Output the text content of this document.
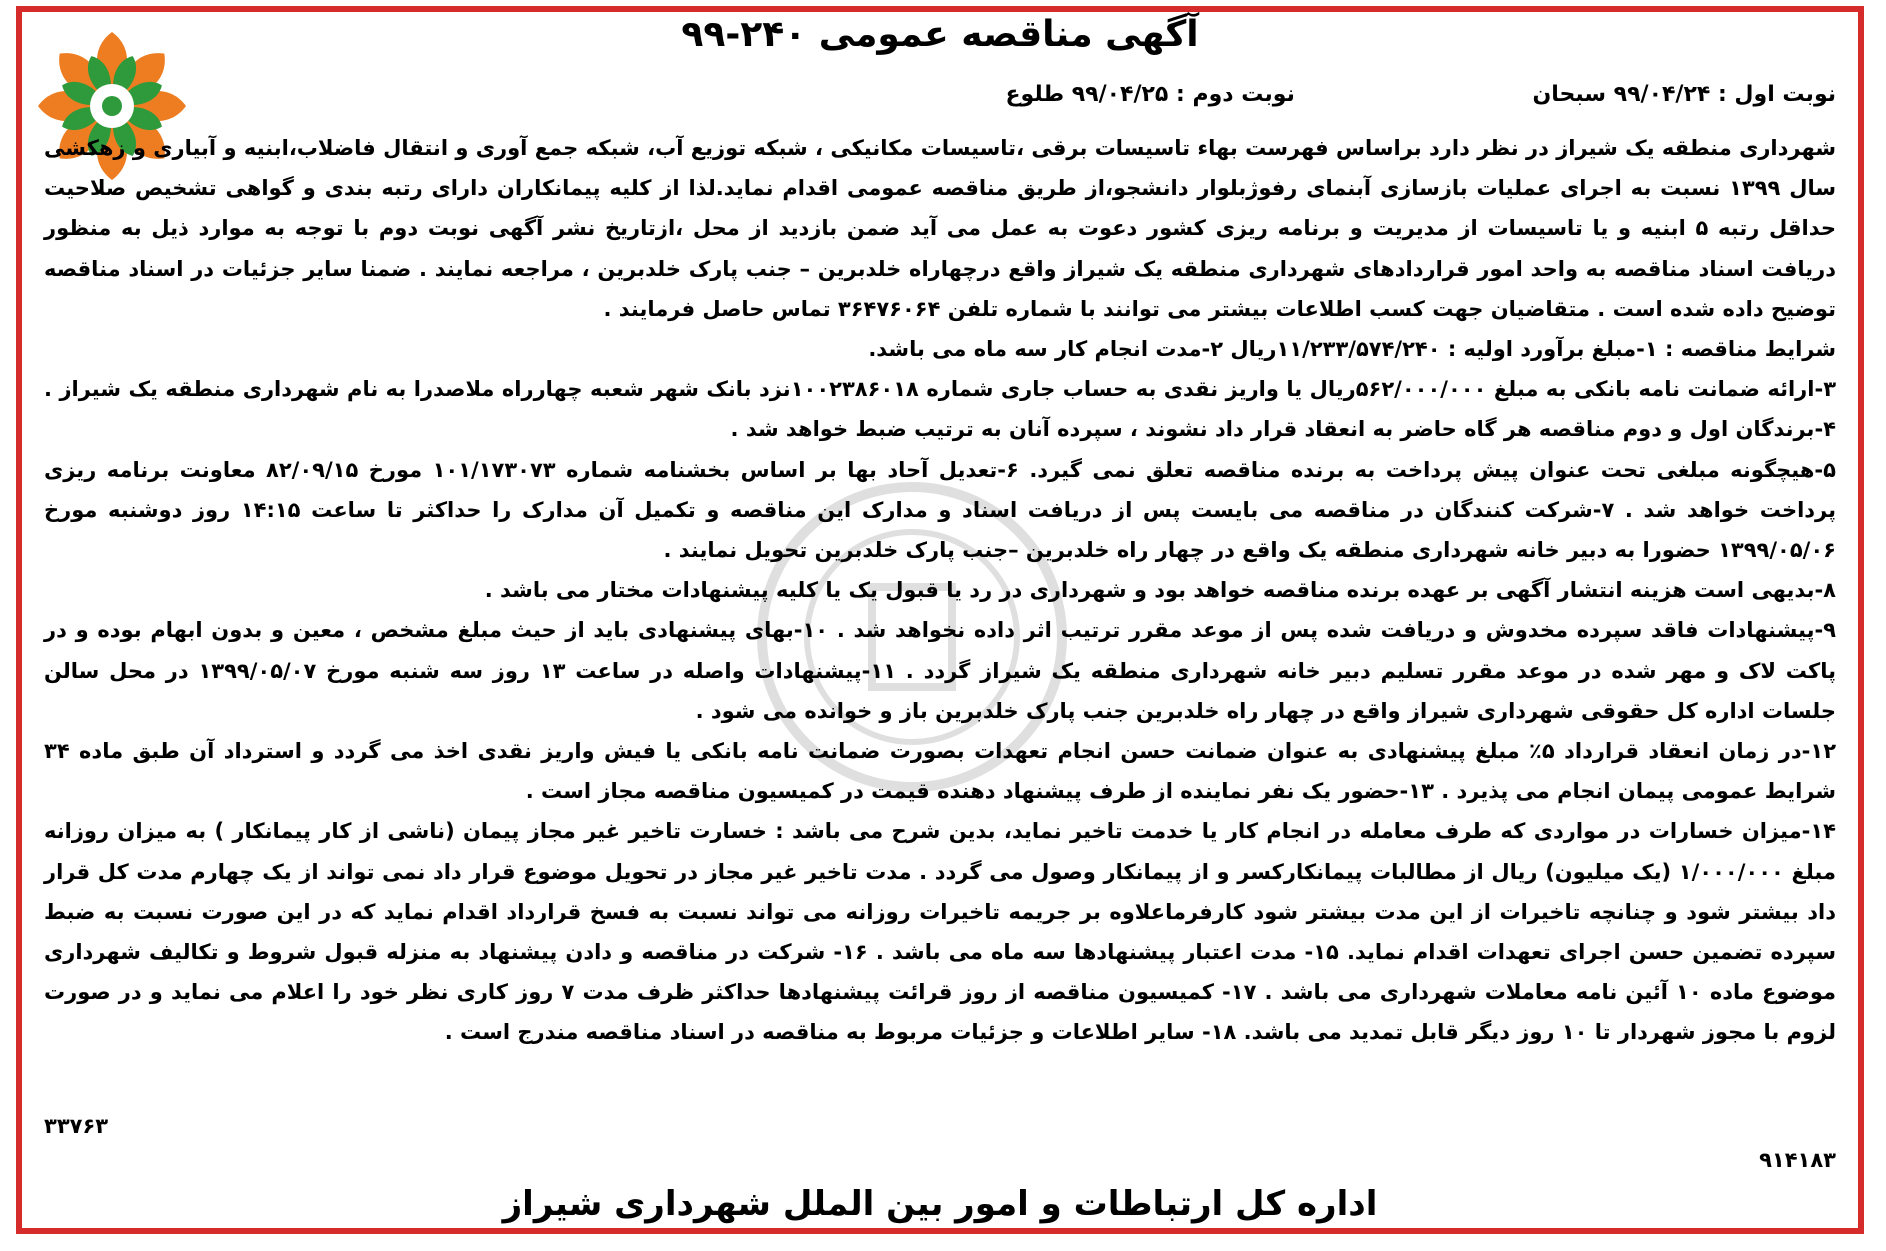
آگهی مناقصه عمومی ۲۴۰-۹۹
نوبت اول : ۹۹/۰۴/۲۴ سبحان نوبت دوم : ۹۹/۰۴/۲۵ طلوع

شهرداری منطقه یک شیراز در نظر دارد براساس فهرست بهاء تاسیسات برقی ،تاسیسات مکانیکی ، شبکه توزیع آب، شبکه جمع آوری و انتقال فاضلاب،ابنیه و آبیاری و زهکشی سال ۱۳۹۹ نسبت به اجرای عملیات بازسازی آبنمای رفوژبلوار دانشجو،از طریق مناقصه عمومی اقدام نماید.لذا از کلیه پیمانکاران دارای رتبه بندی و گواهی تشخیص صلاحیت حداقل رتبه ۵ ابنیه و یا تاسیسات از مدیریت و برنامه ریزی کشور دعوت به عمل می آید ضمن بازدید از محل ،ازتاریخ نشر آگهی نوبت دوم با توجه به موارد ذیل به منظور دریافت اسناد مناقصه به واحد امور قراردادهای شهرداری منطقه یک شیراز واقع درچهاراه خلدبرین – جنب پارک خلدبرین ، مراجعه نمایند . ضمنا سایر جزئیات در اسناد مناقصه توضیح داده شده است . متقاضیان جهت کسب اطلاعات بیشتر می توانند با شماره تلفن ۳۶۴۷۶۰۶۴ تماس حاصل فرمایند .

شرایط مناقصه : ۱-مبلغ برآورد اولیه : ۱۱/۲۳۳/۵۷۴/۲۴۰ریال ۲-مدت انجام کار سه ماه می باشد.

۳-ارائه ضمانت نامه بانکی به مبلغ ۵۶۲/۰۰۰/۰۰۰ریال یا واریز نقدی به حساب جاری شماره ۱۰۰۲۳۸۶۰۱۸نزد بانک شهر شعبه چهارراه ملاصدرا به نام شهرداری منطقه یک شیراز . ۴-برندگان اول و دوم مناقصه هر گاه حاضر به انعقاد قرار داد نشوند ، سپرده آنان به ترتیب ضبط خواهد شد .

۵-هیچگونه مبلغی تحت عنوان پیش پرداخت به برنده مناقصه تعلق نمی گیرد. ۶-تعدیل آحاد بها بر اساس بخشنامه شماره ۱۰۱/۱۷۳۰۷۳ مورخ ۸۲/۰۹/۱۵ معاونت برنامه ریزی پرداخت خواهد شد . ۷-شرکت کنندگان در مناقصه می بایست پس از دریافت اسناد و مدارک این مناقصه و تکمیل آن مدارک را حداکثر تا ساعت ۱۴:۱۵ روز دوشنبه مورخ ۱۳۹۹/۰۵/۰۶ حضورا به دبیر خانه شهرداری منطقه یک واقع در چهار راه خلدبرین –جنب پارک خلدبرین تحویل نمایند .

۸-بدیهی است هزینه انتشار آگهی بر عهده برنده مناقصه خواهد بود و شهرداری در رد یا قبول یک یا کلیه پیشنهادات مختار می باشد .

۹-پیشنهادات فاقد سپرده مخدوش و دریافت شده پس از موعد مقرر ترتیب اثر داده نخواهد شد . ۱۰-بهای پیشنهادی باید از حیث مبلغ مشخص ، معین و بدون ابهام بوده و در پاکت لاک و مهر شده در موعد مقرر تسلیم دبیر خانه شهرداری منطقه یک شیراز گردد . ۱۱-پیشنهادات واصله در ساعت ۱۳ روز سه شنبه مورخ ۱۳۹۹/۰۵/۰۷ در محل سالن جلسات اداره کل حقوقی شهرداری شیراز واقع در چهار راه خلدبرین جنب پارک خلدبرین باز و خوانده می شود .

۱۲-در زمان انعقاد قرارداد ۵٪ مبلغ پیشنهادی به عنوان ضمانت حسن انجام تعهدات بصورت ضمانت نامه بانکی یا فیش واریز نقدی اخذ می گردد و استرداد آن طبق ماده ۳۴ شرایط عمومی پیمان انجام می پذیرد . ۱۳-حضور یک نفر نماینده از طرف پیشنهاد دهنده قیمت در کمیسیون مناقصه مجاز است .

۱۴-میزان خسارات در مواردی که طرف معامله در انجام کار یا خدمت تاخیر نماید، بدین شرح می باشد : خسارت تاخیر غیر مجاز پیمان (ناشی از کار پیمانکار ) به میزان روزانه مبلغ ۱/۰۰۰/۰۰۰ (یک میلیون) ریال از مطالبات پیمانکارکسر و از پیمانکار وصول می گردد . مدت تاخیر غیر مجاز در تحویل موضوع قرار داد نمی تواند از یک چهارم مدت کل قرار داد بیشتر شود و چنانچه تاخیرات از این مدت بیشتر شود کارفرماعلاوه بر جریمه تاخیرات روزانه می تواند نسبت به فسخ قرارداد اقدام نماید که در این صورت نسبت به ضبط سپرده تضمین حسن اجرای تعهدات اقدام نماید. ۱۵- مدت اعتبار پیشنهادها سه ماه می باشد . ۱۶- شرکت در مناقصه و دادن پیشنهاد به منزله قبول شروط و تکالیف شهرداری موضوع ماده ۱۰ آئین نامه معاملات شهرداری می باشد . ۱۷- کمیسیون مناقصه از روز قرائت پیشنهادها حداکثر ظرف مدت ۷ روز کاری نظر خود را اعلام می نماید و در صورت لزوم با مجوز شهردار تا ۱۰ روز دیگر قابل تمدید می باشد. ۱۸- سایر اطلاعات و جزئیات مربوط به مناقصه در اسناد مناقصه مندرج است .

۹۱۴۱۸۳
۳۳۷۶۳
اداره کل ارتباطات و امور بین الملل شهرداری شیراز
